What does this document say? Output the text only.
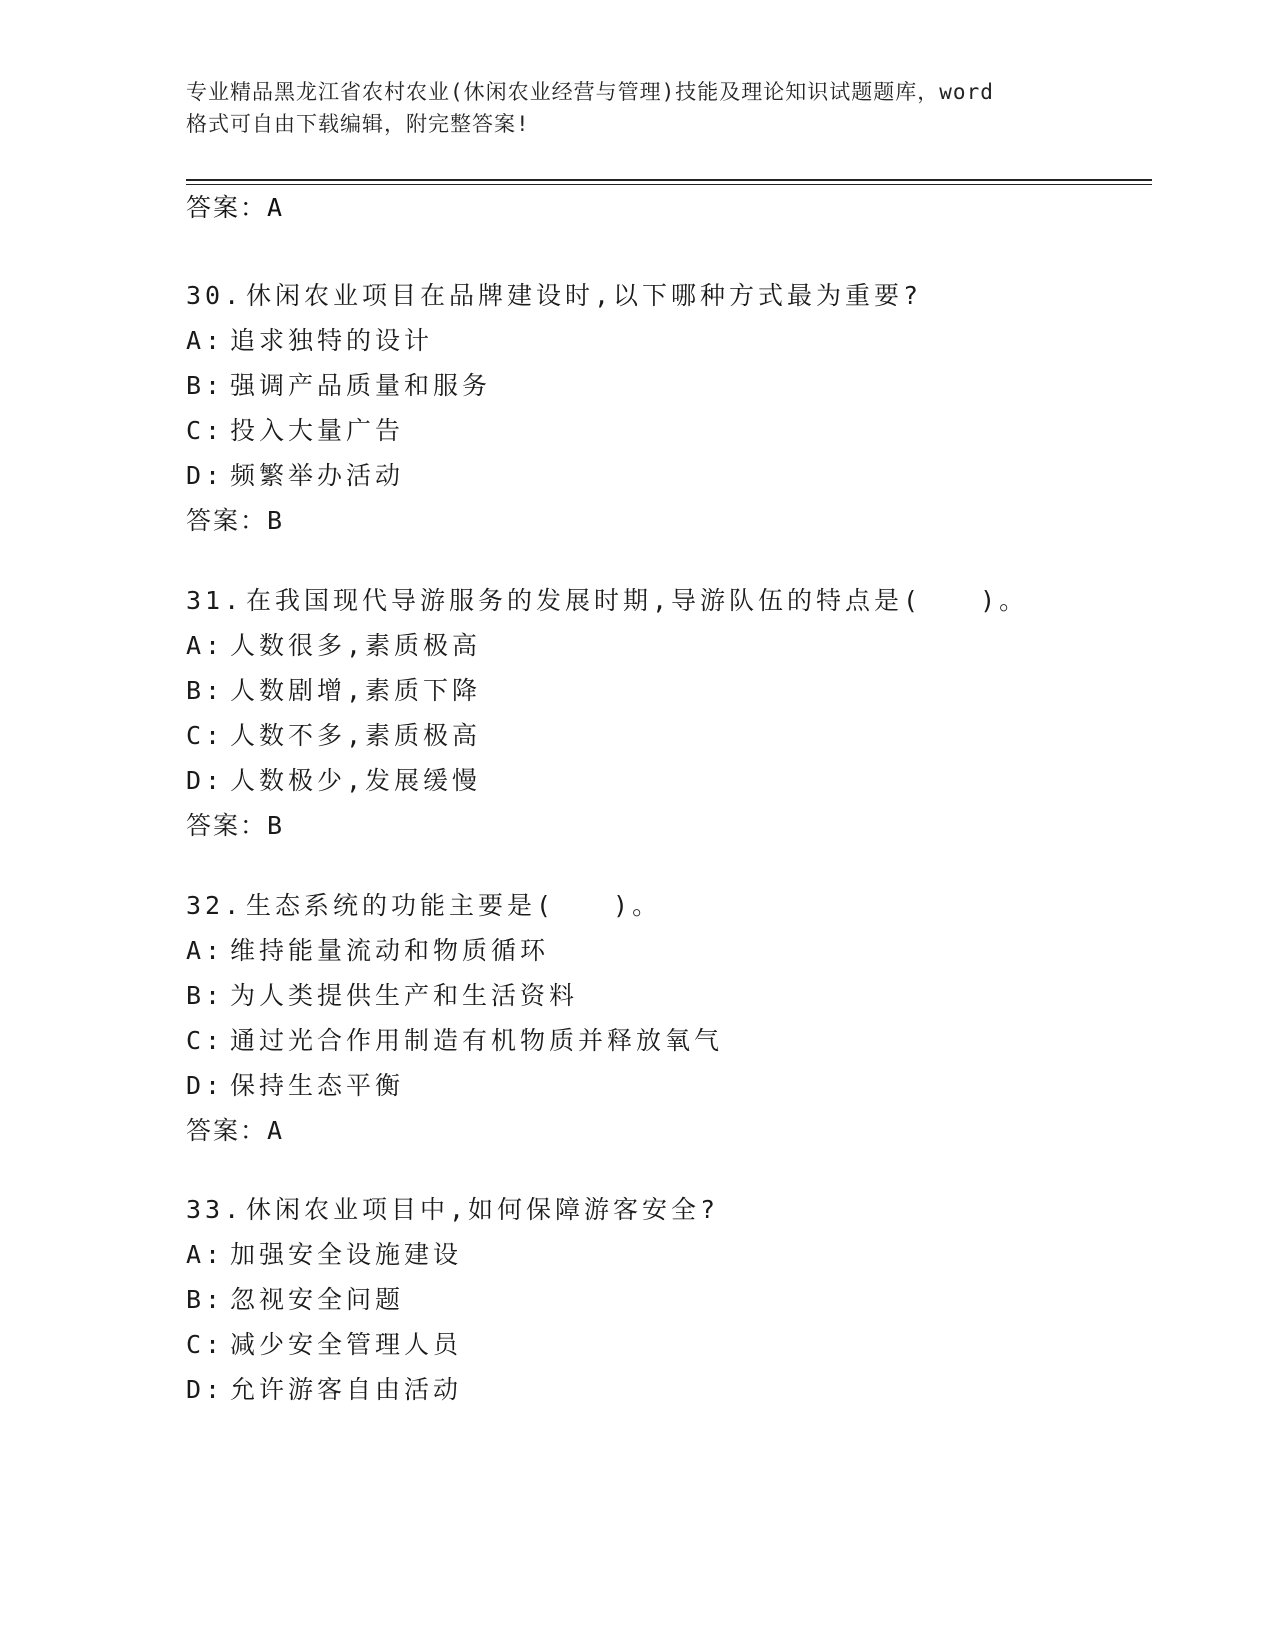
专业精品黑龙江省农村农业(休闲农业经营与管理)技能及理论知识试题题库，word
格式可自由下载编辑，附完整答案!
答案：A

30. 休闲农业项目在品牌建设时,以下哪种方式最为重要?

A: 追求独特的设计

B: 强调产品质量和服务

C: 投入大量广告

D: 频繁举办活动

答案：B

31. 在我国现代导游服务的发展时期,导游队伍的特点是(　　)。

A: 人数很多,素质极高

B: 人数剧增,素质下降

C: 人数不多,素质极高

D: 人数极少,发展缓慢

答案：B

32. 生态系统的功能主要是(　　)。

A: 维持能量流动和物质循环

B: 为人类提供生产和生活资料

C: 通过光合作用制造有机物质并释放氧气

D: 保持生态平衡

答案：A

33. 休闲农业项目中,如何保障游客安全?

A: 加强安全设施建设

B: 忽视安全问题

C: 减少安全管理人员

D: 允许游客自由活动
